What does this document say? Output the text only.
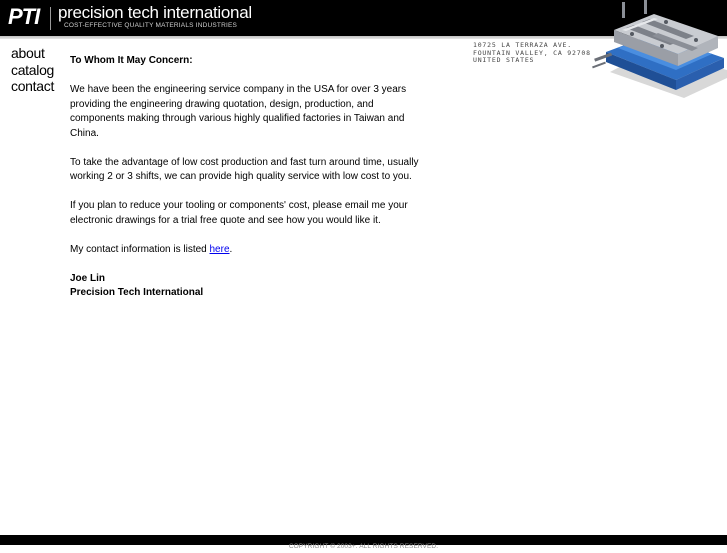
PTI precision tech international
COST-EFFECTIVE QUALITY MATERIALS INDUSTRIES
10725 LA TERRAZA AVE.
FOUNTAIN VALLEY, CA 92708
UNITED STATES
about
catalog
contact

To Whom It May Concern:

We have been the engineering service company in the USA for over 3 years providing the engineering drawing quotation, design, production, and components making through various highly qualified factories in Taiwan and China.

To take the advantage of low cost production and fast turn around time, usually working 2 or 3 shifts, we can provide high quality service with low cost to you.

If you plan to reduce your tooling or components' cost, please email me your electronic drawings for a trial free quote and see how you would like it.

My contact information is listed here.

Joe Lin
Precision Tech International
COPYRIGHT © 2003+. ALL RIGHTS RESERVED.
